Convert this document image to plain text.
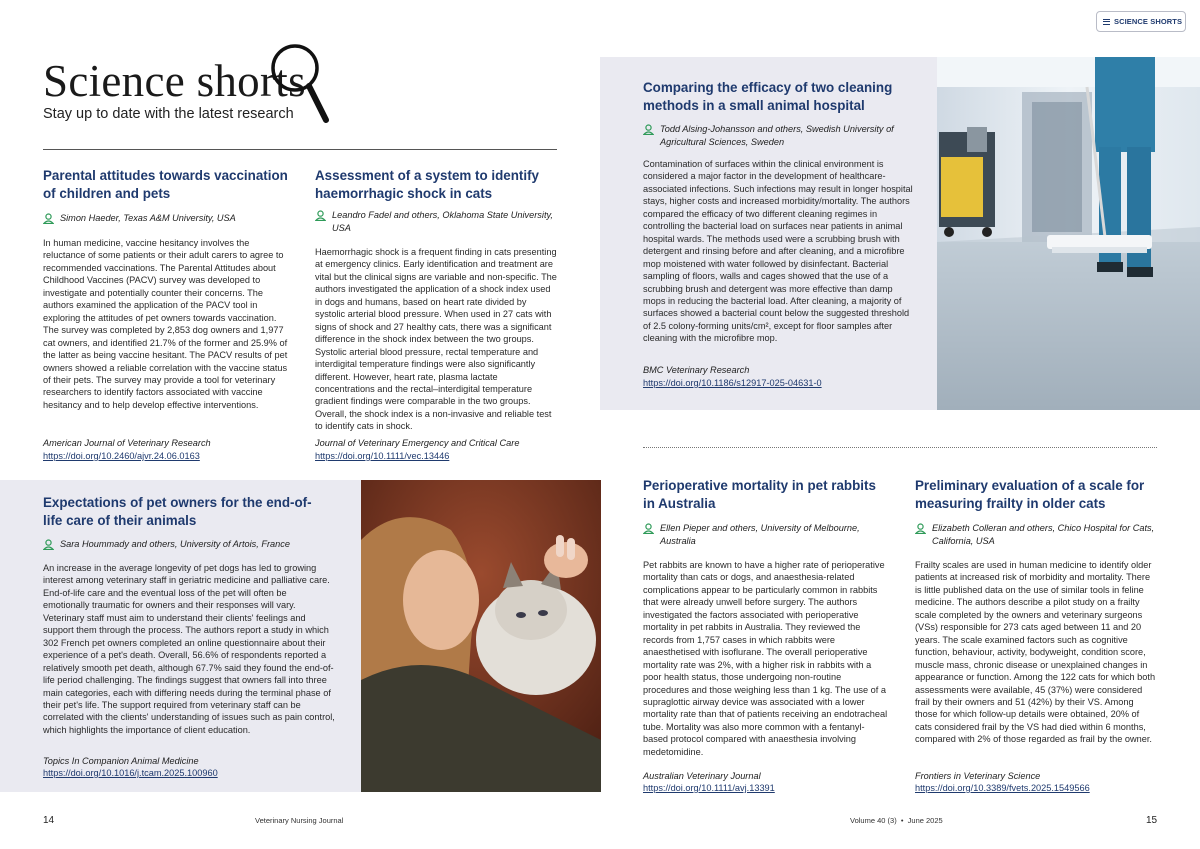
SCIENCE SHORTS
Science shorts
Stay up to date with the latest research
Parental attitudes towards vaccination of children and pets
Simon Haeder, Texas A&M University, USA
In human medicine, vaccine hesitancy involves the reluctance of some patients or their adult carers to agree to recommended vaccinations. The Parental Attitudes about Childhood Vaccines (PACV) survey was developed to investigate and potentially counter their concerns. The authors examined the application of the PACV tool in exploring the attitudes of pet owners towards vaccination. The survey was completed by 2,853 dog owners and 1,977 cat owners, and identified 21.7% of the former and 25.9% of the latter as being vaccine hesitant. The PACV results of pet owners showed a reliable correlation with the vaccine status of their pets. The survey may provide a tool for veterinary researchers to identify factors associated with vaccine hesitancy and to help develop effective interventions.
American Journal of Veterinary Research
https://doi.org/10.2460/ajvr.24.06.0163
Assessment of a system to identify haemorrhagic shock in cats
Leandro Fadel and others, Oklahoma State University, USA
Haemorrhagic shock is a frequent finding in cats presenting at emergency clinics. Early identification and treatment are vital but the clinical signs are variable and non-specific. The authors investigated the application of a shock index used in dogs and humans, based on heart rate divided by systolic arterial blood pressure. When used in 27 cats with signs of shock and 27 healthy cats, there was a significant difference in the shock index between the two groups. Systolic arterial blood pressure, rectal temperature and interdigital temperature findings were also significantly different. However, heart rate, plasma lactate concentrations and the rectal–interdigital temperature gradient findings were comparable in the two groups. Overall, the shock index is a non-invasive and reliable test to identify cats in shock.
Journal of Veterinary Emergency and Critical Care
https://doi.org/10.1111/vec.13446
Comparing the efficacy of two cleaning methods in a small animal hospital
Todd Alsing-Johansson and others, Swedish University of Agricultural Sciences, Sweden
Contamination of surfaces within the clinical environment is considered a major factor in the development of healthcare-associated infections. Such infections may result in longer hospital stays, higher costs and increased morbidity/mortality. The authors compared the efficacy of two different cleaning regimes in controlling the bacterial load on surfaces near patients in animal hospital wards. The methods used were a scrubbing brush with detergent and rinsing before and after cleaning, and a microfibre mop moistened with water followed by disinfectant. Bacterial sampling of floors, walls and cages showed that the use of a scrubbing brush and detergent was more effective than damp mops in reducing the bacterial load. After cleaning, a majority of surfaces showed a bacterial count below the suggested threshold of 2.5 colony-forming units/cm², except for floor samples after cleaning with the microfibre mop.
BMC Veterinary Research
https://doi.org/10.1186/s12917-025-04631-0
Expectations of pet owners for the end-of-life care of their animals
Sara Hoummady and others, University of Artois, France
An increase in the average longevity of pet dogs has led to growing interest among veterinary staff in geriatric medicine and palliative care. End-of-life care and the eventual loss of the pet will often be emotionally traumatic for owners and their responses will vary. Veterinary staff must aim to understand their clients' feelings and support them through the process. The authors report a study in which 302 French pet owners completed an online questionnaire about their experience of a pet's death. Overall, 56.6% of respondents reported a relatively smooth pet death, although 67.7% said they found the end-of-life period challenging. The findings suggest that owners fall into three main categories, each with differing needs during the terminal phase of their pet's life. The support required from veterinary staff can be correlated with the clients' understanding of issues such as pain control, which highlights the importance of client education.
Topics In Companion Animal Medicine
https://doi.org/10.1016/j.tcam.2025.100960
Perioperative mortality in pet rabbits in Australia
Ellen Pieper and others, University of Melbourne, Australia
Pet rabbits are known to have a higher rate of perioperative mortality than cats or dogs, and anaesthesia-related complications appear to be particularly common in rabbits that were already unwell before surgery. The authors investigated the factors associated with perioperative mortality in pet rabbits in Australia. They reviewed the records from 1,757 cases in which rabbits were anaesthetised with isoflurane. The overall perioperative mortality rate was 2%, with a higher risk in rabbits with a poor health status, those undergoing non-routine procedures and those weighing less than 1 kg. The use of a supraglottic airway device was associated with a lower mortality rate than that of patients receiving an endotracheal tube. Mortality was also more common with a fentanyl-based protocol compared with anaesthesia involving medetomidine.
Australian Veterinary Journal
https://doi.org/10.1111/avj.13391
Preliminary evaluation of a scale for measuring frailty in older cats
Elizabeth Colleran and others, Chico Hospital for Cats, California, USA
Frailty scales are used in human medicine to identify older patients at increased risk of morbidity and mortality. There is little published data on the use of similar tools in feline medicine. The authors describe a pilot study on a frailty scale completed by the owners and veterinary surgeons (VSs) responsible for 273 cats aged between 11 and 20 years. The scale examined factors such as cognitive function, behaviour, activity, bodyweight, condition score, muscle mass, chronic disease or unexplained changes in appearance or function. Among the 122 cats for which both assessments were available, 45 (37%) were considered frail by their owners and 51 (42%) by their VS. Among those for which follow-up details were obtained, 20% of cats considered frail by the VS had died within 6 months, compared with 2% of those regarded as frail by the owner.
Frontiers in Veterinary Science
https://doi.org/10.3389/fvets.2025.1549566
14	Veterinary Nursing Journal	Volume 40 (3)  •  June 2025	15
